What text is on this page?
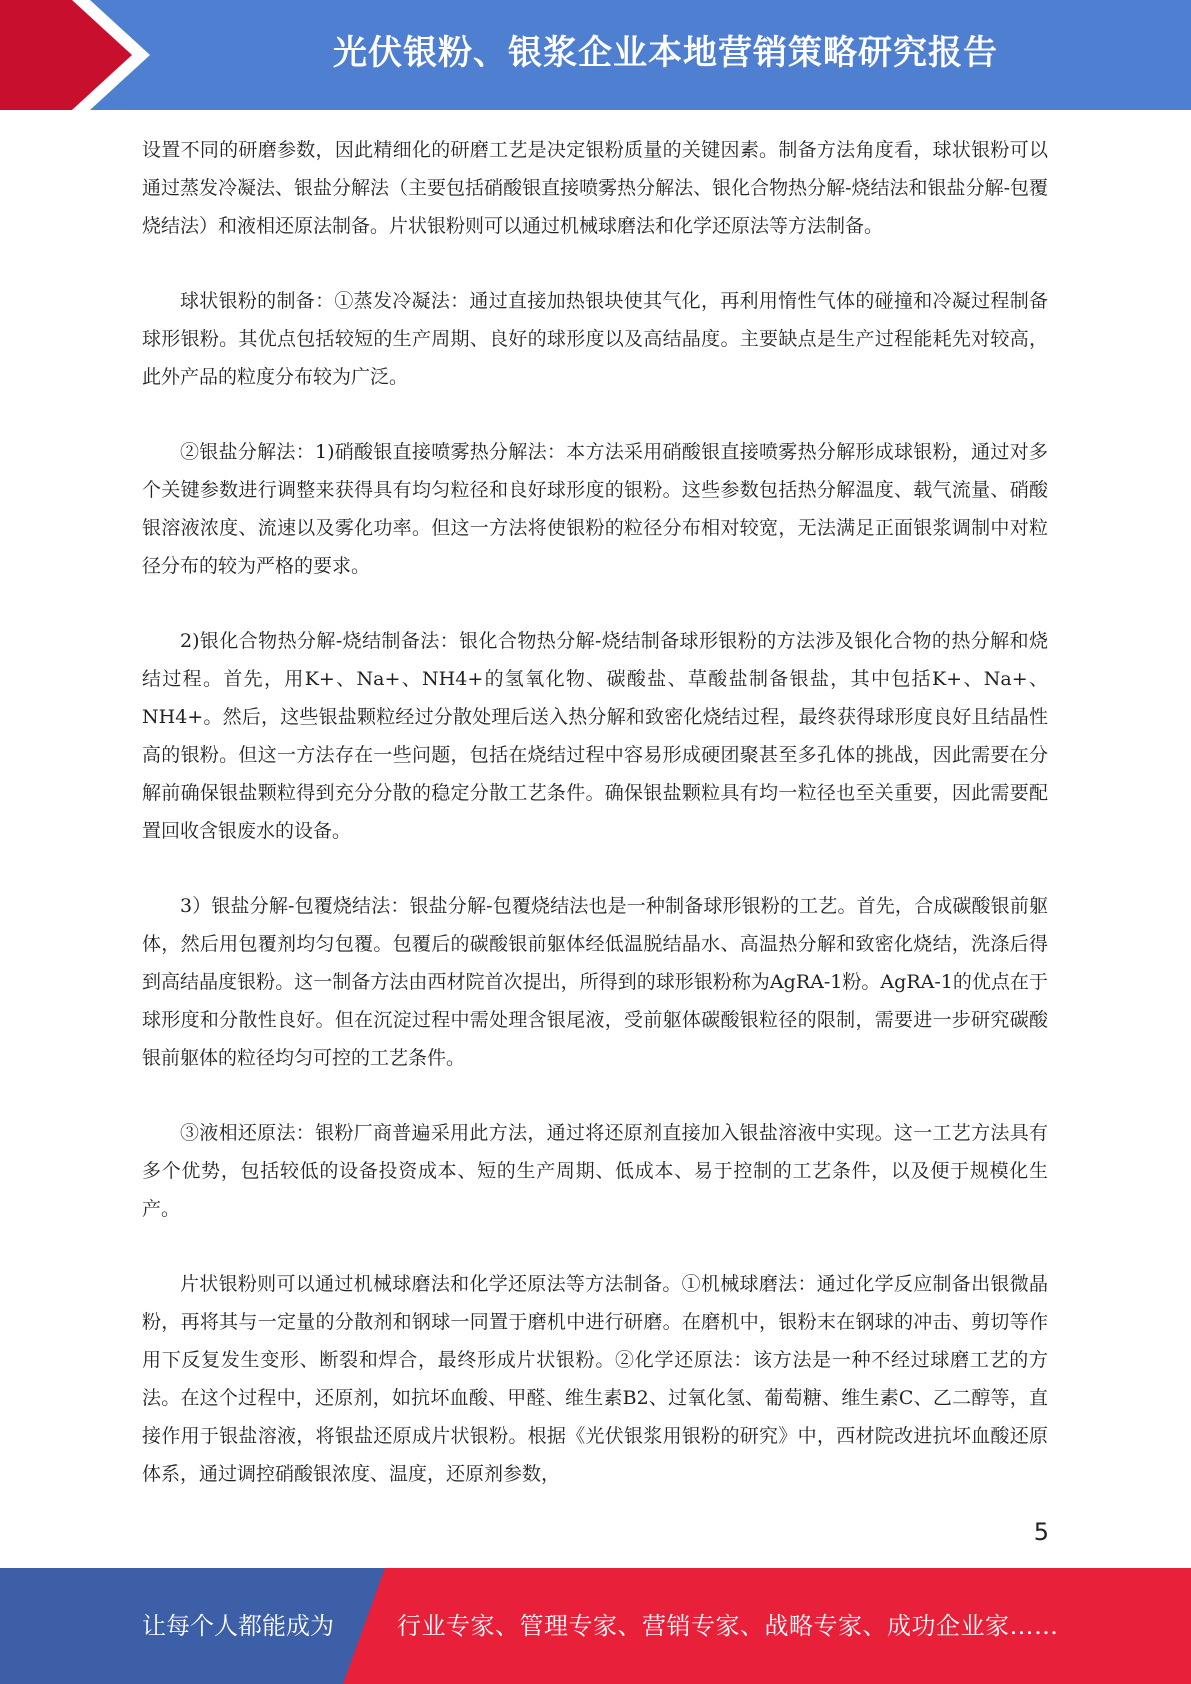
光伏银粉、银浆企业本地营销策略研究报告

设置不同的研磨参数，因此精细化的研磨工艺是决定银粉质量的关键因素。制备方法角度看，球状银粉可以通过蒸发冷凝法、银盐分解法（主要包括硝酸银直接喷雾热分解法、银化合物热分解-烧结法和银盐分解-包覆烧结法）和液相还原法制备。片状银粉则可以通过机械球磨法和化学还原法等方法制备。

球状银粉的制备：①蒸发冷凝法：通过直接加热银块使其气化，再利用惰性气体的碰撞和冷凝过程制备球形银粉。其优点包括较短的生产周期、良好的球形度以及高结晶度。主要缺点是生产过程能耗先对较高，此外产品的粒度分布较为广泛。

②银盐分解法：1)硝酸银直接喷雾热分解法：本方法采用硝酸银直接喷雾热分解形成球银粉，通过对多个关键参数进行调整来获得具有均匀粒径和良好球形度的银粉。这些参数包括热分解温度、载气流量、硝酸银溶液浓度、流速以及雾化功率。但这一方法将使银粉的粒径分布相对较宽，无法满足正面银浆调制中对粒径分布的较为严格的要求。

2)银化合物热分解-烧结制备法：银化合物热分解-烧结制备球形银粉的方法涉及银化合物的热分解和烧结过程。首先，用K+、Na+、NH4+的氢氧化物、碳酸盐、草酸盐制备银盐，其中包括K+、Na+、NH4+。然后，这些银盐颗粒经过分散处理后送入热分解和致密化烧结过程，最终获得球形度良好且结晶性高的银粉。但这一方法存在一些问题，包括在烧结过程中容易形成硬团聚甚至多孔体的挑战，因此需要在分解前确保银盐颗粒得到充分分散的稳定分散工艺条件。确保银盐颗粒具有均一粒径也至关重要，因此需要配置回收含银废水的设备。

3）银盐分解-包覆烧结法：银盐分解-包覆烧结法也是一种制备球形银粉的工艺。首先，合成碳酸银前躯体，然后用包覆剂均匀包覆。包覆后的碳酸银前躯体经低温脱结晶水、高温热分解和致密化烧结，洗涤后得到高结晶度银粉。这一制备方法由西材院首次提出，所得到的球形银粉称为AgRA-1粉。AgRA-1的优点在于球形度和分散性良好。但在沉淀过程中需处理含银尾液，受前躯体碳酸银粒径的限制，需要进一步研究碳酸银前躯体的粒径均匀可控的工艺条件。

③液相还原法：银粉厂商普遍采用此方法，通过将还原剂直接加入银盐溶液中实现。这一工艺方法具有多个优势，包括较低的设备投资成本、短的生产周期、低成本、易于控制的工艺条件，以及便于规模化生产。

片状银粉则可以通过机械球磨法和化学还原法等方法制备。①机械球磨法：通过化学反应制备出银微晶粉，再将其与一定量的分散剂和钢球一同置于磨机中进行研磨。在磨机中，银粉末在钢球的冲击、剪切等作用下反复发生变形、断裂和焊合，最终形成片状银粉。②化学还原法：该方法是一种不经过球磨工艺的方法。在这个过程中，还原剂，如抗坏血酸、甲醛、维生素B2、过氧化氢、葡萄糖、维生素C、乙二醇等，直接作用于银盐溶液，将银盐还原成片状银粉。根据《光伏银浆用银粉的研究》中，西材院改进抗坏血酸还原体系，通过调控硝酸银浓度、温度，还原剂参数，

5
让每个人都能成为	行业专家、管理专家、营销专家、战略专家、成功企业家……
